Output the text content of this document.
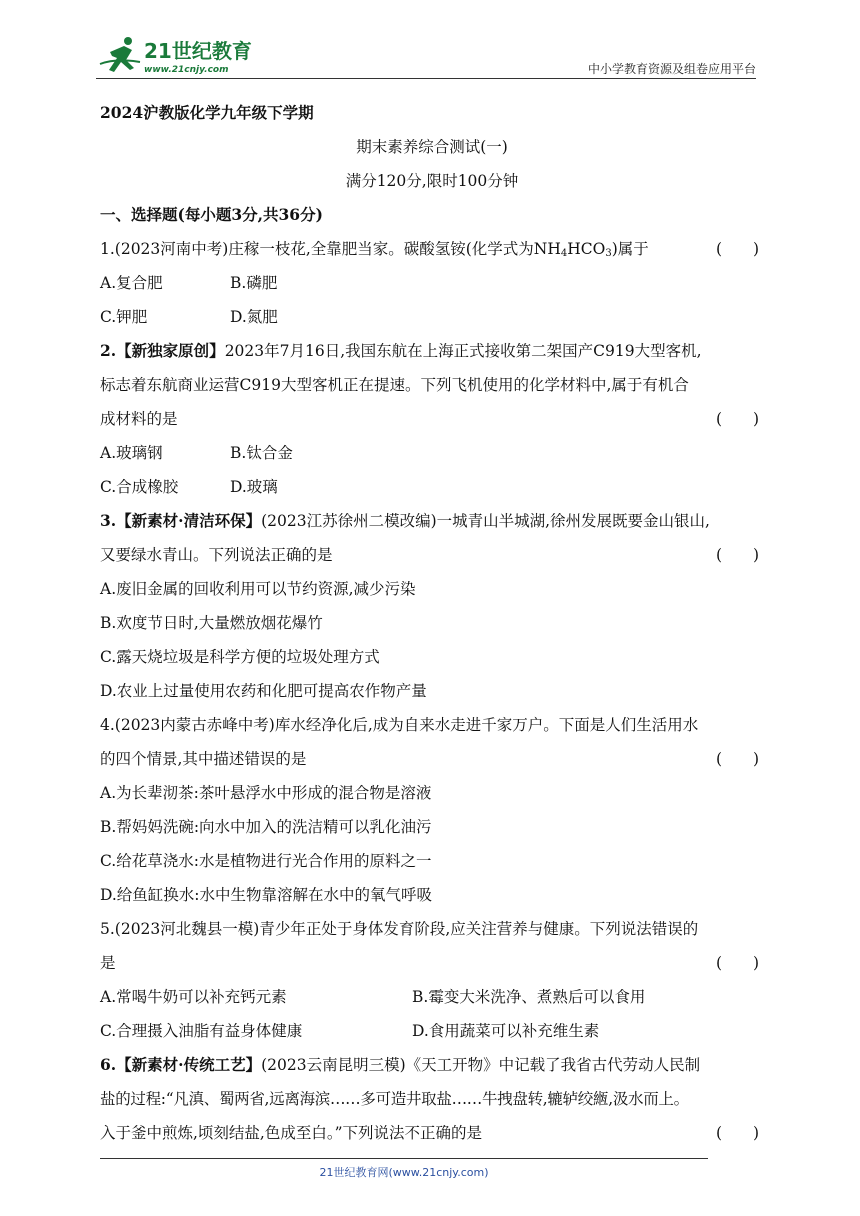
21世纪教育
www.21cnjy.com	中小学教育资源及组卷应用平台
2024沪教版化学九年级下学期
期末素养综合测试(一)
满分120分,限时100分钟
一、选择题(每小题3分,共36分)
1.(2023河南中考)庄稼一枝花,全靠肥当家。碳酸氢铵(化学式为$NH_4HCO_3$)属于	(　　)
A.复合肥	B.磷肥
C.钾肥	D.氮肥
2.【新独家原创】2023年7月16日,我国东航在上海正式接收第二架国产C919大型客机,
标志着东航商业运营C919大型客机正在提速。下列飞机使用的化学材料中,属于有机合
成材料的是	(　　)
A.玻璃钢	B.钛合金
C.合成橡胶	D.玻璃
3.【新素材·清洁环保】(2023江苏徐州二模改编)一城青山半城湖,徐州发展既要金山银山,
又要绿水青山。下列说法正确的是	(　　)
A.废旧金属的回收利用可以节约资源,减少污染
B.欢度节日时,大量燃放烟花爆竹
C.露天烧垃圾是科学方便的垃圾处理方式
D.农业上过量使用农药和化肥可提高农作物产量
4.(2023内蒙古赤峰中考)库水经净化后,成为自来水走进千家万户。下面是人们生活用水
的四个情景,其中描述错误的是	(　　)
A.为长辈沏茶:茶叶悬浮水中形成的混合物是溶液
B.帮妈妈洗碗:向水中加入的洗洁精可以乳化油污
C.给花草浇水:水是植物进行光合作用的原料之一
D.给鱼缸换水:水中生物靠溶解在水中的氧气呼吸
5.(2023河北魏县一模)青少年正处于身体发育阶段,应关注营养与健康。下列说法错误的
是	(　　)
A.常喝牛奶可以补充钙元素	B.霉变大米洗净、煮熟后可以食用
C.合理摄入油脂有益身体健康	D.食用蔬菜可以补充维生素
6.【新素材·传统工艺】(2023云南昆明三模)《天工开物》中记载了我省古代劳动人民制
盐的过程:“凡滇、蜀两省,远离海滨……多可造井取盐……牛拽盘转,辘轳绞緪,汲水而上。
入于釜中煎炼,顷刻结盐,色成至白。”下列说法不正确的是	(　　)
21世纪教育网(www.21cnjy.com)
